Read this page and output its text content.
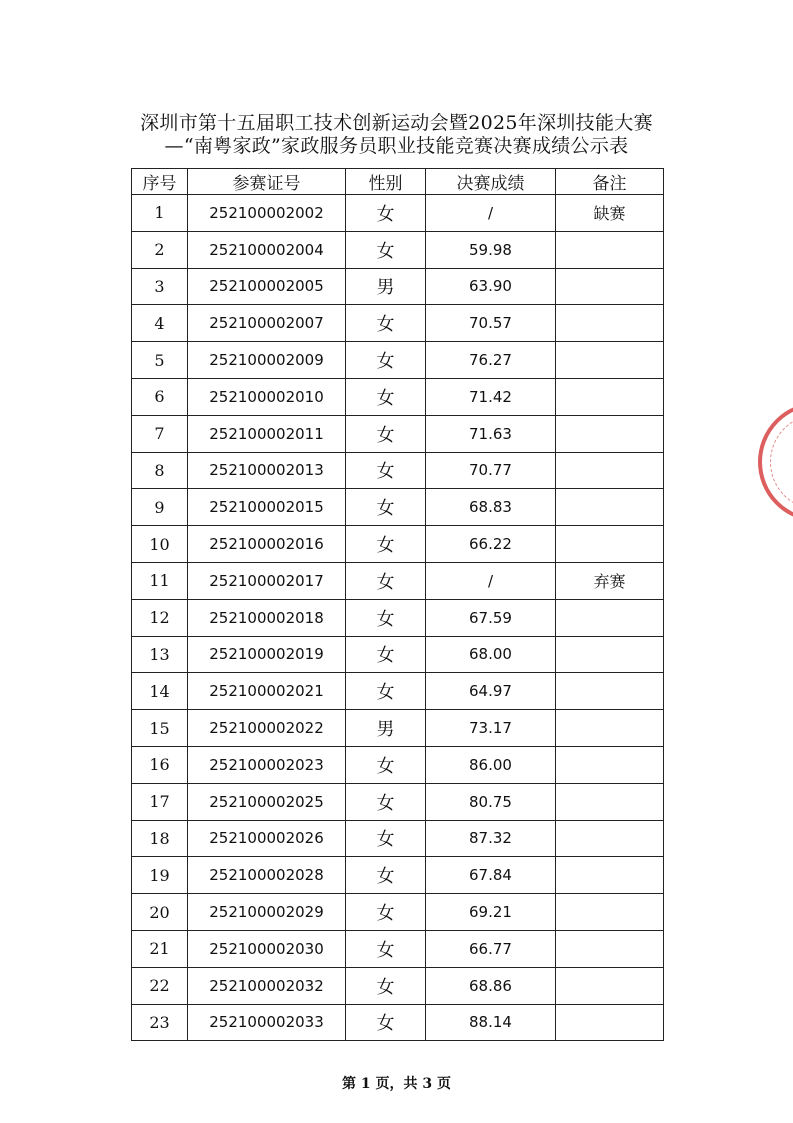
深圳市第十五届职工技术创新运动会暨2025年深圳技能大赛
—“南粤家政”家政服务员职业技能竞赛决赛成绩公示表
序号	参赛证号	性别	决赛成绩	备注
1	252100002002	女	/	缺赛
2	252100002004	女	59.98	
3	252100002005	男	63.90	
4	252100002007	女	70.57	
5	252100002009	女	76.27	
6	252100002010	女	71.42	
7	252100002011	女	71.63	
8	252100002013	女	70.77	
9	252100002015	女	68.83	
10	252100002016	女	66.22	
11	252100002017	女	/	弃赛
12	252100002018	女	67.59	
13	252100002019	女	68.00	
14	252100002021	女	64.97	
15	252100002022	男	73.17	
16	252100002023	女	86.00	
17	252100002025	女	80.75	
18	252100002026	女	87.32	
19	252100002028	女	67.84	
20	252100002029	女	69.21	
21	252100002030	女	66.77	
22	252100002032	女	68.86	
23	252100002033	女	88.14	
第 1 页，共 3 页
